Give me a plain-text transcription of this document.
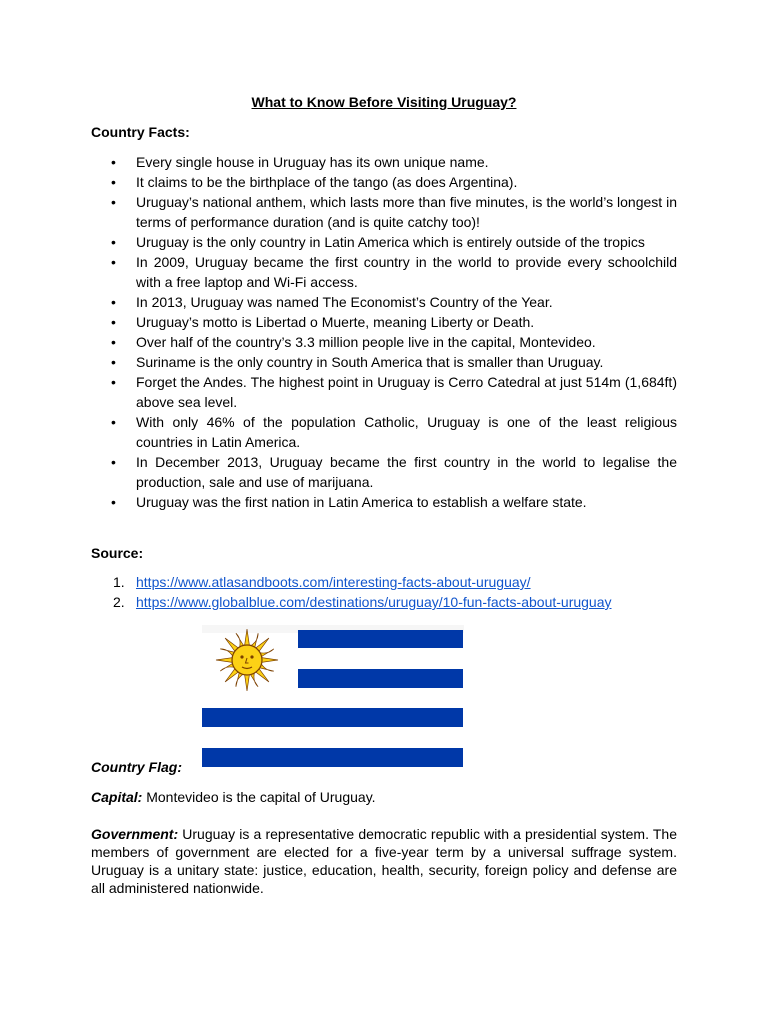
What to Know Before Visiting Uruguay?
Country Facts:
• Every single house in Uruguay has its own unique name.
• It claims to be the birthplace of the tango (as does Argentina).
• Uruguay’s national anthem, which lasts more than five minutes, is the world’s longest in terms of performance duration (and is quite catchy too)!
• Uruguay is the only country in Latin America which is entirely outside of the tropics
• In 2009, Uruguay became the first country in the world to provide every schoolchild with a free laptop and Wi-Fi access.
• In 2013, Uruguay was named The Economist’s Country of the Year.
• Uruguay’s motto is Libertad o Muerte, meaning Liberty or Death.
• Over half of the country’s 3.3 million people live in the capital, Montevideo.
• Suriname is the only country in South America that is smaller than Uruguay.
• Forget the Andes. The highest point in Uruguay is Cerro Catedral at just 514m (1,684ft) above sea level.
• With only 46% of the population Catholic, Uruguay is one of the least religious countries in Latin America.
• In December 2013, Uruguay became the first country in the world to legalise the production, sale and use of marijuana.
• Uruguay was the first nation in Latin America to establish a welfare state.
Source:
1. https://www.atlasandboots.com/interesting-facts-about-uruguay/
2. https://www.globalblue.com/destinations/uruguay/10-fun-facts-about-uruguay
Country Flag:
Capital: Montevideo is the capital of Uruguay.
Government: Uruguay is a representative democratic republic with a presidential system. The members of government are elected for a five-year term by a universal suffrage system. Uruguay is a unitary state: justice, education, health, security, foreign policy and defense are all administered nationwide.
